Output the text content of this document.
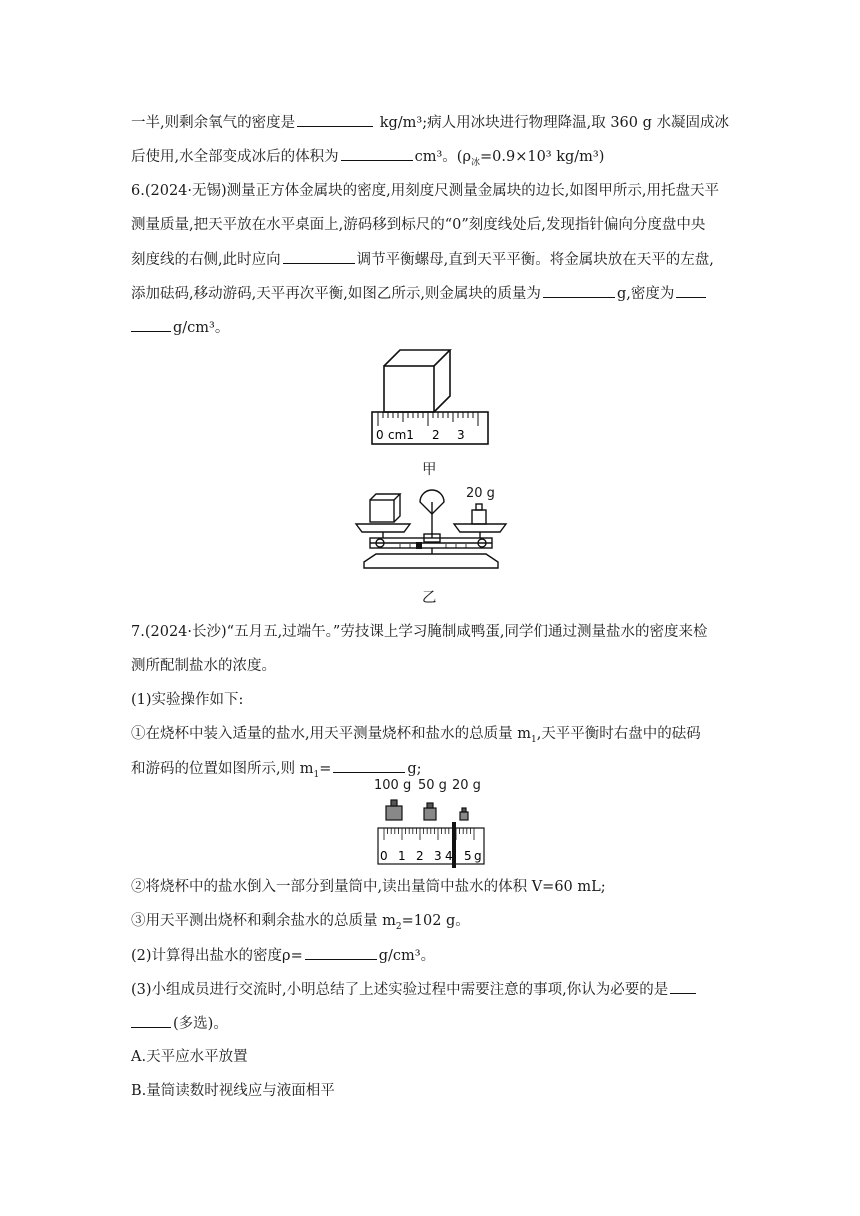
一半,则剩余氧气的密度是	kg/m³;病人用冰块进行物理降温,取 360 g 水凝固成冰
后使用,水全部变成冰后的体积为	cm³。($\rho_冰=0.9\times 10^3$ kg/m³)
6.(2024·无锡)测量正方体金属块的密度,用刻度尺测量金属块的边长,如图甲所示,用托盘天平
测量质量,把天平放在水平桌面上,游码移到标尺的“0”刻度线处后,发现指针偏向分度盘中央
刻度线的右侧,此时应向	调节平衡螺母,直到天平平衡。将金属块放在天平的左盘,
添加砝码,移动游码,天平再次平衡,如图乙所示,则金属块的质量为	g,密度为
g/cm³。
0 cm1 2 3
甲
20 g
乙
7.(2024·长沙)“五月五,过端午。”劳技课上学习腌制咸鸭蛋,同学们通过测量盐水的密度来检
测所配制盐水的浓度。
(1)实验操作如下:
①在烧杯中装入适量的盐水,用天平测量烧杯和盐水的总质量 $m_1$,天平平衡时右盘中的砝码
和游码的位置如图所示,则 $m_1=$	g;
100 g 50 g 20 g
0 1 2 3 4 5 g
②将烧杯中的盐水倒入一部分到量筒中,读出量筒中盐水的体积 V=60 mL;
③用天平测出烧杯和剩余盐水的总质量 $m_2=102$ g。
(2)计算得出盐水的密度ρ=	g/cm³。
(3)小组成员进行交流时,小明总结了上述实验过程中需要注意的事项,你认为必要的是
(多选)。
A.天平应水平放置
B.量筒读数时视线应与液面相平
